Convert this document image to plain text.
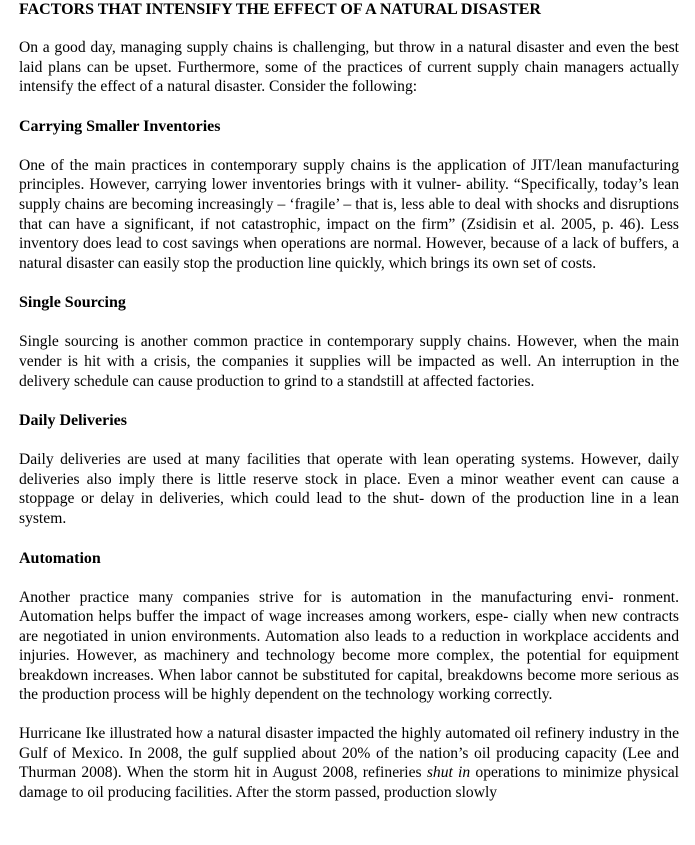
FACTORS THAT INTENSIFY THE EFFECT OF A NATURAL DISASTER

On a good day, managing supply chains is challenging, but throw in a natural disaster and even the best laid plans can be upset. Furthermore, some of the practices of current supply chain managers actually intensify the effect of a natural disaster. Consider the following:

Carrying Smaller Inventories

One of the main practices in contemporary supply chains is the application of JIT/lean manufacturing principles. However, carrying lower inventories brings with it vulner- ability. “Specifically, today’s lean supply chains are becoming increasingly – ‘fragile’ – that is, less able to deal with shocks and disruptions that can have a significant, if not catastrophic, impact on the firm” (Zsidisin et al. 2005, p. 46). Less inventory does lead to cost savings when operations are normal. However, because of a lack of buffers, a natural disaster can easily stop the production line quickly, which brings its own set of costs.

Single Sourcing

Single sourcing is another common practice in contemporary supply chains. However, when the main vender is hit with a crisis, the companies it supplies will be impacted as well. An interruption in the delivery schedule can cause production to grind to a standstill at affected factories.

Daily Deliveries

Daily deliveries are used at many facilities that operate with lean operating systems. However, daily deliveries also imply there is little reserve stock in place. Even a minor weather event can cause a stoppage or delay in deliveries, which could lead to the shut- down of the production line in a lean system.

Automation

Another practice many companies strive for is automation in the manufacturing envi- ronment. Automation helps buffer the impact of wage increases among workers, espe- cially when new contracts are negotiated in union environments. Automation also leads to a reduction in workplace accidents and injuries. However, as machinery and technology become more complex, the potential for equipment breakdown increases. When labor cannot be substituted for capital, breakdowns become more serious as the production process will be highly dependent on the technology working correctly.

Hurricane Ike illustrated how a natural disaster impacted the highly automated oil refinery industry in the Gulf of Mexico. In 2008, the gulf supplied about 20% of the nation’s oil producing capacity (Lee and Thurman 2008). When the storm hit in August 2008, refineries shut in operations to minimize physical damage to oil producing facilities. After the storm passed, production slowly
